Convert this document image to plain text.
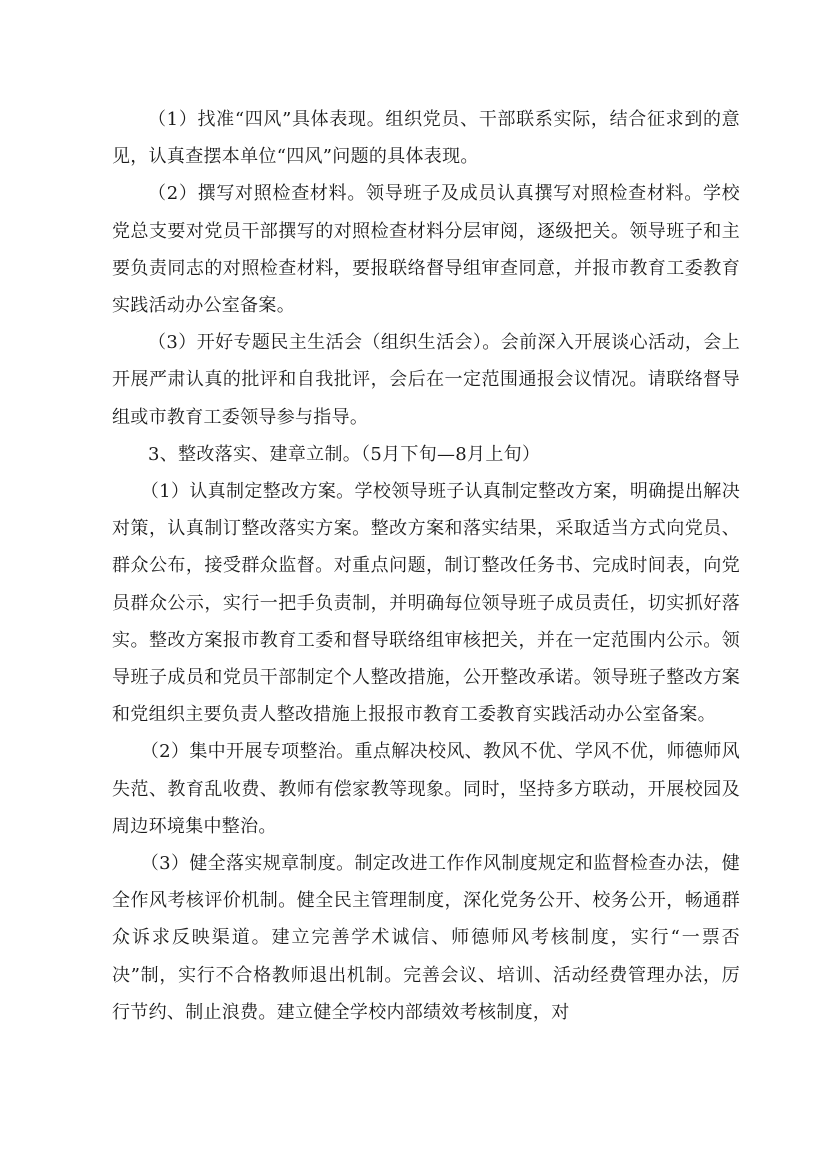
（1）找准“四风”具体表现。组织党员、干部联系实际，结合征求到的意见，认真查摆本单位“四风”问题的具体表现。

（2）撰写对照检查材料。领导班子及成员认真撰写对照检查材料。学校党总支要对党员干部撰写的对照检查材料分层审阅，逐级把关。领导班子和主要负责同志的对照检查材料，要报联络督导组审查同意，并报市教育工委教育实践活动办公室备案。

（3）开好专题民主生活会（组织生活会）。会前深入开展谈心活动，会上开展严肃认真的批评和自我批评，会后在一定范围通报会议情况。请联络督导组或市教育工委领导参与指导。

3、整改落实、建章立制。（5月下旬—8月上旬）

（1）认真制定整改方案。学校领导班子认真制定整改方案，明确提出解决对策，认真制订整改落实方案。整改方案和落实结果，采取适当方式向党员、群众公布，接受群众监督。对重点问题，制订整改任务书、完成时间表，向党员群众公示，实行一把手负责制，并明确每位领导班子成员责任，切实抓好落实。整改方案报市教育工委和督导联络组审核把关，并在一定范围内公示。领导班子成员和党员干部制定个人整改措施，公开整改承诺。领导班子整改方案和党组织主要负责人整改措施上报报市教育工委教育实践活动办公室备案。

（2）集中开展专项整治。重点解决校风、教风不优、学风不优，师德师风失范、教育乱收费、教师有偿家教等现象。同时，坚持多方联动，开展校园及周边环境集中整治。

（3）健全落实规章制度。制定改进工作作风制度规定和监督检查办法，健全作风考核评价机制。健全民主管理制度，深化党务公开、校务公开，畅通群众诉求反映渠道。建立完善学术诚信、师德师风考核制度，实行“一票否决”制，实行不合格教师退出机制。完善会议、培训、活动经费管理办法，厉行节约、制止浪费。建立健全学校内部绩效考核制度，对
